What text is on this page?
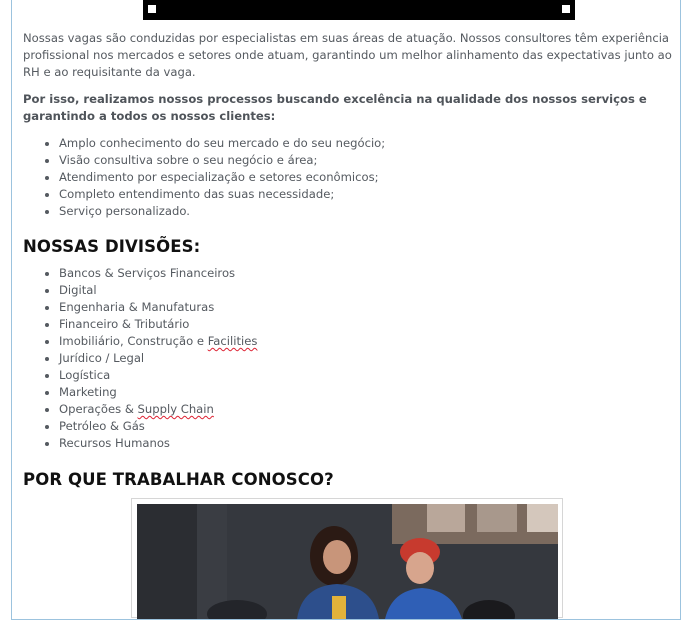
Nossas vagas são conduzidas por especialistas em suas áreas de atuação. Nossos consultores têm experiência profissional nos mercados e setores onde atuam, garantindo um melhor alinhamento das expectativas junto ao RH e ao requisitante da vaga.

Por isso, realizamos nossos processos buscando excelência na qualidade dos nossos serviços e garantindo a todos os nossos clientes:

• Amplo conhecimento do seu mercado e do seu negócio;
• Visão consultiva sobre o seu negócio e área;
• Atendimento por especialização e setores econômicos;
• Completo entendimento das suas necessidade;
• Serviço personalizado.
NOSSAS DIVISÕES:
• Bancos & Serviços Financeiros
• Digital
• Engenharia & Manufaturas
• Financeiro & Tributário
• Imobiliário, Construção e Facilities
• Jurídico / Legal
• Logística
• Marketing
• Operações & Supply Chain
• Petróleo & Gás
• Recursos Humanos
POR QUE TRABALHAR CONOSCO?
